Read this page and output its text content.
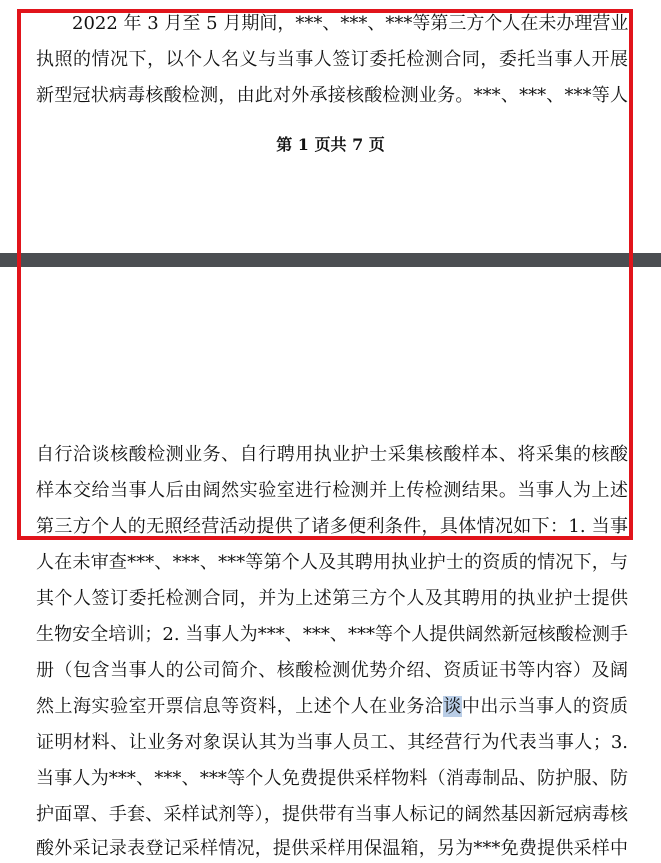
2022 年 3 月至 5 月期间，***、***、***等第三方个人在未办理营业
执照的情况下，以个人名义与当事人签订委托检测合同，委托当事人开展
新型冠状病毒核酸检测，由此对外承接核酸检测业务。***、***、***等人
第 1 页共 7 页
自行洽谈核酸检测业务、自行聘用执业护士采集核酸样本、将采集的核酸
样本交给当事人后由阔然实验室进行检测并上传检测结果。当事人为上述
第三方个人的无照经营活动提供了诸多便利条件，具体情况如下：1. 当事
人在未审查***、***、***等第个人及其聘用执业护士的资质的情况下，与
其个人签订委托检测合同，并为上述第三方个人及其聘用的执业护士提供
生物安全培训；2. 当事人为***、***、***等个人提供阔然新冠核酸检测手
册（包含当事人的公司简介、核酸检测优势介绍、资质证书等内容）及阔
然上海实验室开票信息等资料，上述个人在业务洽谈中出示当事人的资质
证明材料、让业务对象误认其为当事人员工、其经营行为代表当事人；3.
当事人为***、***、***等个人免费提供采样物料（消毒制品、防护服、防
护面罩、手套、采样试剂等），提供带有当事人标记的阔然基因新冠病毒核
酸外采记录表登记采样情况，提供采样用保温箱，另为***免费提供采样中
